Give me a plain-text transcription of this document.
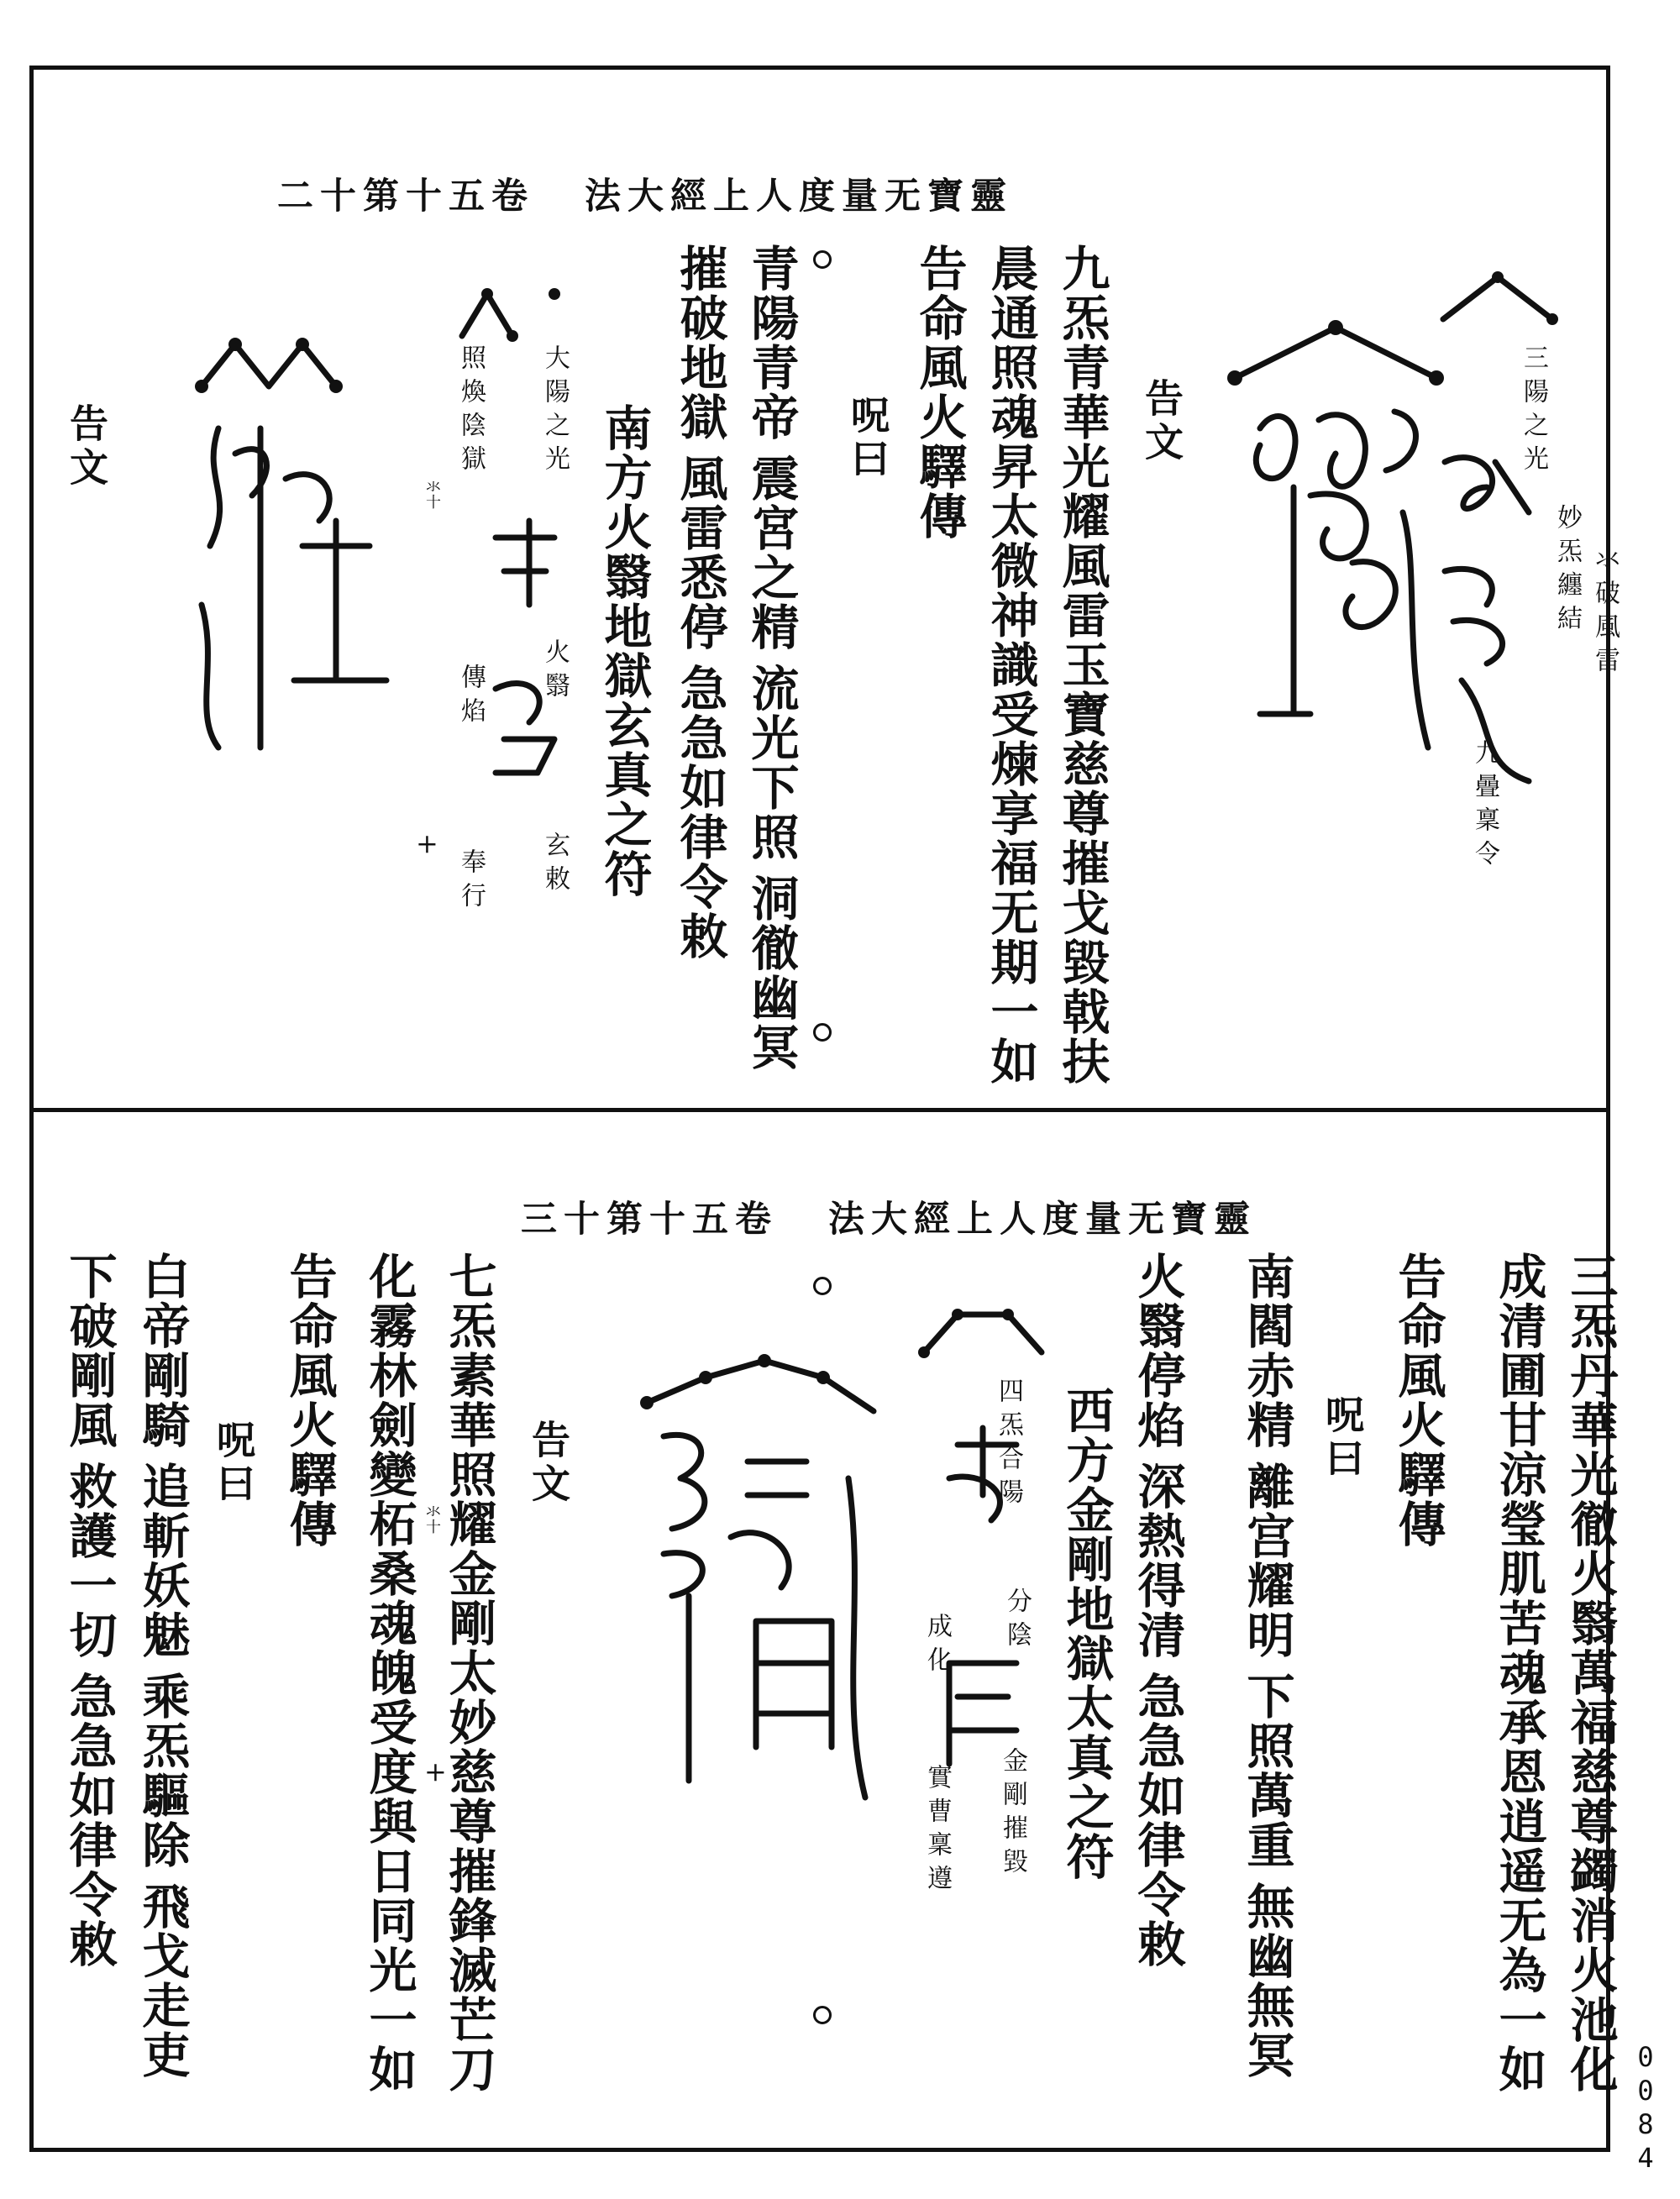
靈寶无量度人上經大法卷五十第十二
三陽之光
妙炁纏結 氺破風雷
九曡稟令
告文
九炁青華光耀風雷玉寶慈尊摧戈毀戟扶
晨通照魂昇太微神識受煉享福无期一如
告命風火驛傳
呪曰
青陽青帝
震宮之精
流光下照
洞徹幽冥
摧破地獄
風雷悉停
急急如律令敕
南方火翳地獄玄真之符
大陽之光
照煥陰獄
氺十
火翳
傳焰
玄敕
奉行
+
告文
靈寶无量度人上經大法卷五十第十三
三炁丹華光徹火翳萬福慈尊蠲消火池化
成清圃甘涼瑩肌苦魂承恩逍遥无為一如
告命風火驛傳
呪曰
南閻赤精
離宫耀明
下照萬重
無幽無冥
火翳停焰
深熱得清
急急如律令敕
西方金剛地獄太真之符
四炁合陽
成化 分陰
金剛摧毀
實曹稟遵
告文
七炁素華照耀金剛太妙慈尊摧鋒滅芒刀
氺十
+
化霧林劍變柘桑魂魄受度與日同光一如
告命風火驛傳
呪曰
白帝剛騎
追斬妖魅
乘炁驅除
飛戈走吏
下破剛風
救護一切
急急如律令敕
0084
